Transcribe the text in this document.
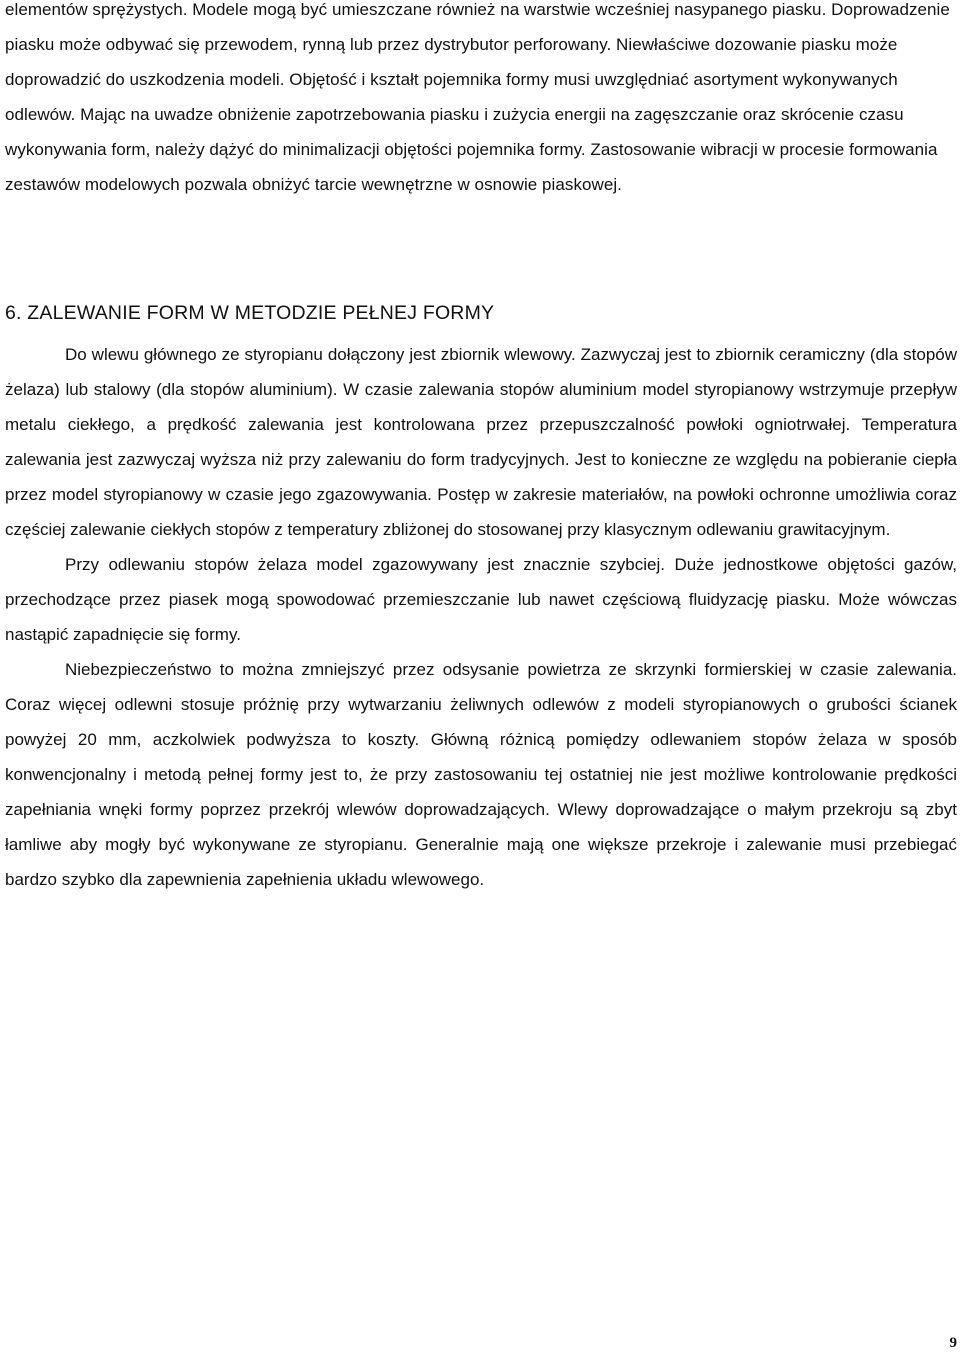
elementów sprężystych. Modele mogą być umieszczane również na warstwie wcześniej nasypanego piasku. Doprowadzenie piasku może odbywać się przewodem, rynną lub przez dystrybutor perforowany. Niewłaściwe dozowanie piasku może doprowadzić do uszkodzenia modeli. Objętość i kształt pojemnika formy musi uwzględniać asortyment wykonywanych odlewów. Mając na uwadze obniżenie zapotrzebowania piasku i zużycia energii na zagęszczanie oraz skrócenie czasu wykonywania form, należy dążyć do minimalizacji objętości pojemnika formy. Zastosowanie wibracji w procesie formowania zestawów modelowych pozwala obniżyć tarcie wewnętrzne w osnowie piaskowej.

6. ZALEWANIE FORM W METODZIE PEŁNEJ FORMY

Do wlewu głównego ze styropianu dołączony jest zbiornik wlewowy. Zazwyczaj jest to zbiornik ceramiczny (dla stopów żelaza) lub stalowy (dla stopów aluminium). W czasie zalewania stopów aluminium model styropianowy wstrzymuje przepływ metalu ciekłego, a prędkość zalewania jest kontrolowana przez przepuszczalność powłoki ogniotrwałej. Temperatura zalewania jest zazwyczaj wyższa niż przy zalewaniu do form tradycyjnych. Jest to konieczne ze względu na pobieranie ciepła przez model styropianowy w czasie jego zgazowywania. Postęp w zakresie materiałów, na powłoki ochronne umożliwia coraz częściej zalewanie ciekłych stopów z temperatury zbliżonej do stosowanej przy klasycznym odlewaniu grawitacyjnym.

Przy odlewaniu stopów żelaza model zgazowywany jest znacznie szybciej. Duże jednostkowe objętości gazów, przechodzące przez piasek mogą spowodować przemieszczanie lub nawet częściową fluidyzację piasku. Może wówczas nastąpić zapadnięcie się formy.

Niebezpieczeństwo to można zmniejszyć przez odsysanie powietrza ze skrzynki formierskiej w czasie zalewania. Coraz więcej odlewni stosuje próżnię przy wytwarzaniu żeliwnych odlewów z modeli styropianowych o grubości ścianek powyżej 20 mm, aczkolwiek podwyższa to koszty. Główną różnicą pomiędzy odlewaniem stopów żelaza w sposób konwencjonalny i metodą pełnej formy jest to, że przy zastosowaniu tej ostatniej nie jest możliwe kontrolowanie prędkości zapełniania wnęki formy poprzez przekrój wlewów doprowadzających. Wlewy doprowadzające o małym przekroju są zbyt łamliwe aby mogły być wykonywane ze styropianu. Generalnie mają one większe przekroje i zalewanie musi przebiegać bardzo szybko dla zapewnienia zapełnienia układu wlewowego.

9
